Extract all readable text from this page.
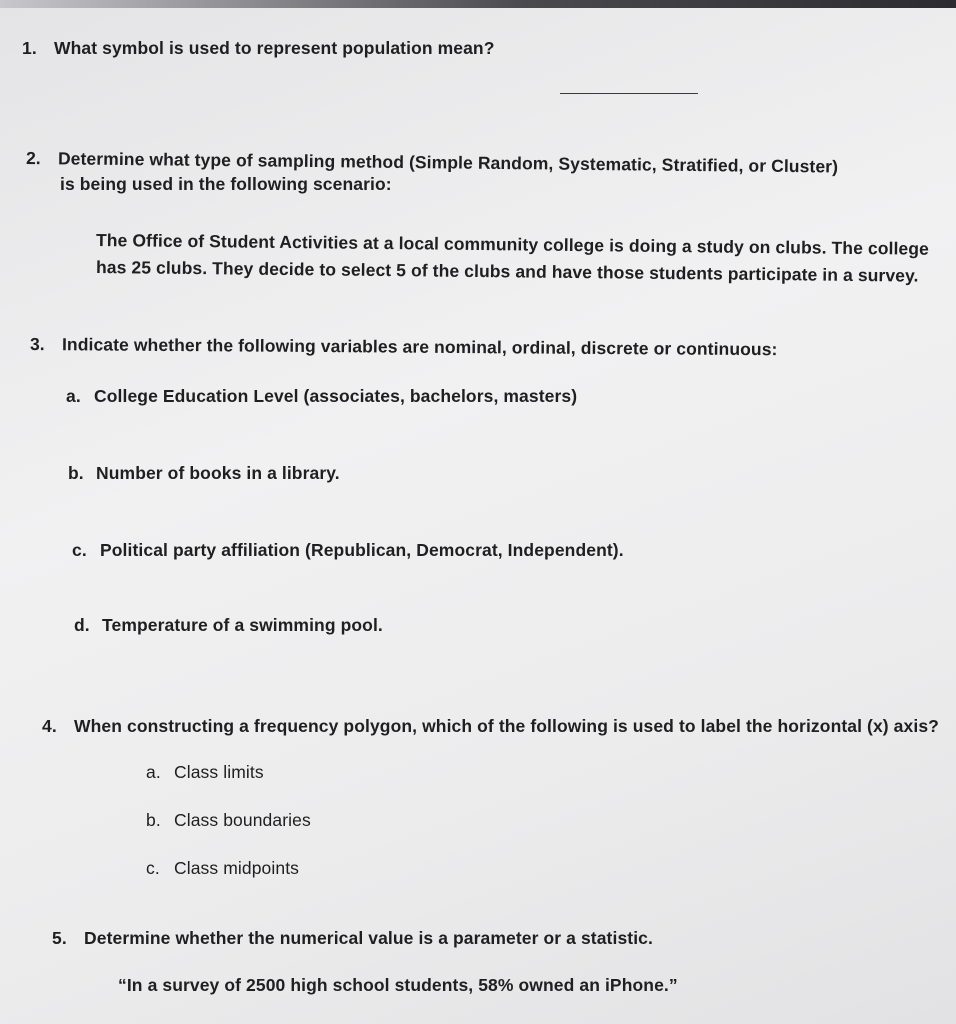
1. What symbol is used to represent population mean?
2. Determine what type of sampling method (Simple Random, Systematic, Stratified, or Cluster)
is being used in the following scenario:
The Office of Student Activities at a local community college is doing a study on clubs. The college
has 25 clubs. They decide to select 5 of the clubs and have those students participate in a survey.
3. Indicate whether the following variables are nominal, ordinal, discrete or continuous:
a. College Education Level (associates, bachelors, masters)
b. Number of books in a library.
c. Political party affiliation (Republican, Democrat, Independent).
d. Temperature of a swimming pool.
4. When constructing a frequency polygon, which of the following is used to label the horizontal (x) axis?
a. Class limits
b. Class boundaries
c. Class midpoints
5. Determine whether the numerical value is a parameter or a statistic.
“In a survey of 2500 high school students, 58% owned an iPhone.”
